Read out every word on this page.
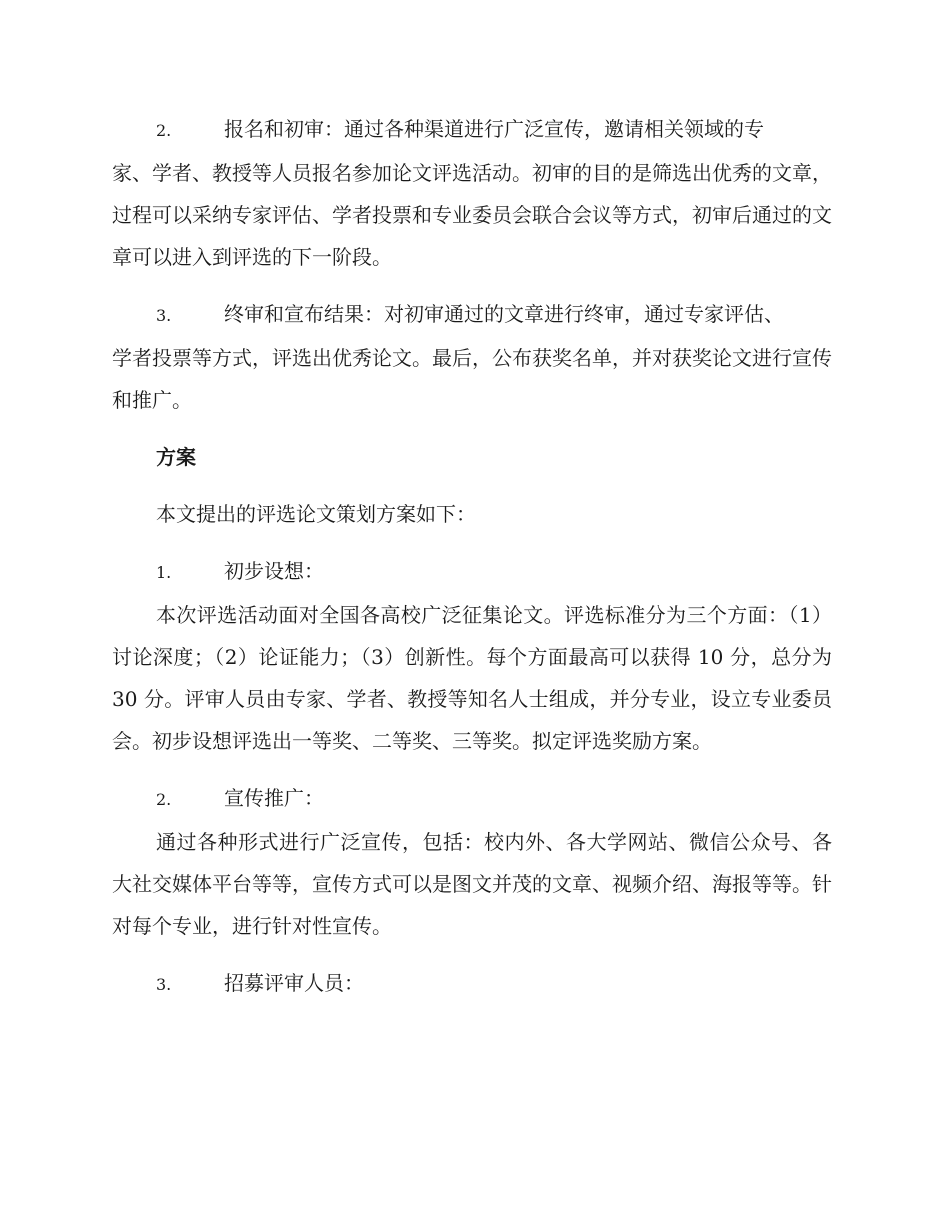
2.	报名和初审：通过各种渠道进行广泛宣传，邀请相关领域的专

家、学者、教授等人员报名参加论文评选活动。初审的目的是筛选出优秀的文章，过程可以采纳专家评估、学者投票和专业委员会联合会议等方式，初审后通过的文章可以进入到评选的下一阶段。

3.	终审和宣布结果：对初审通过的文章进行终审，通过专家评估、

学者投票等方式，评选出优秀论文。最后，公布获奖名单，并对获奖论文进行宣传和推广。

方案

本文提出的评选论文策划方案如下：

1.	初步设想：

本次评选活动面对全国各高校广泛征集论文。评选标准分为三个方面：（1）讨论深度；（2）论证能力；（3）创新性。每个方面最高可以获得 10 分，总分为 30 分。评审人员由专家、学者、教授等知名人士组成，并分专业，设立专业委员会。初步设想评选出一等奖、二等奖、三等奖。拟定评选奖励方案。

2.	宣传推广：

通过各种形式进行广泛宣传，包括：校内外、各大学网站、微信公众号、各大社交媒体平台等等，宣传方式可以是图文并茂的文章、视频介绍、海报等等。针对每个专业，进行针对性宣传。

3.	招募评审人员：
